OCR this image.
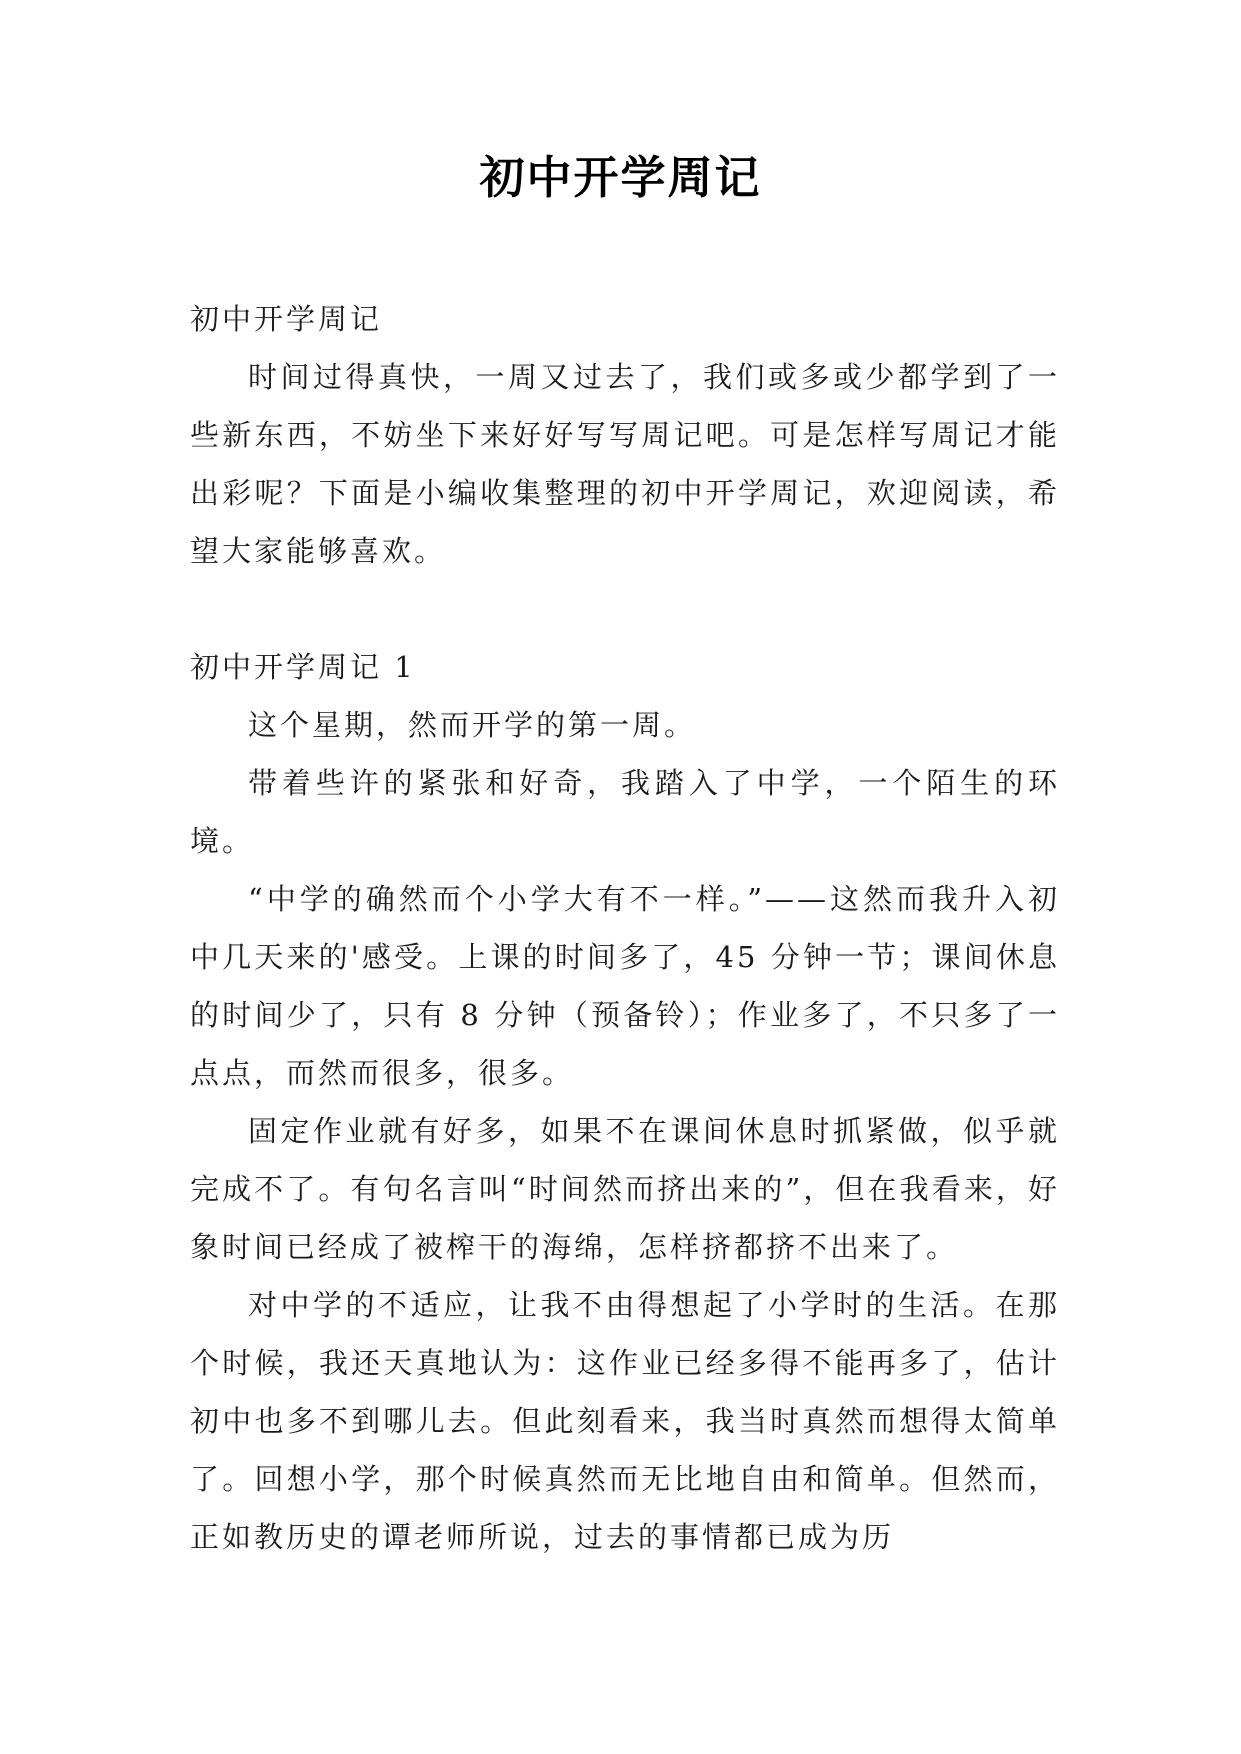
初中开学周记

初中开学周记

时间过得真快，一周又过去了，我们或多或少都学到了一些新东西，不妨坐下来好好写写周记吧。可是怎样写周记才能出彩呢？下面是小编收集整理的初中开学周记，欢迎阅读，希望大家能够喜欢。

初中开学周记 1

这个星期，然而开学的第一周。

带着些许的紧张和好奇，我踏入了中学，一个陌生的环境。

“中学的确然而个小学大有不一样。”——这然而我升入初中几天来的'感受。上课的时间多了，45 分钟一节；课间休息的时间少了，只有 8 分钟（预备铃）；作业多了，不只多了一点点，而然而很多，很多。

固定作业就有好多，如果不在课间休息时抓紧做，似乎就完成不了。有句名言叫“时间然而挤出来的”，但在我看来，好象时间已经成了被榨干的海绵，怎样挤都挤不出来了。

对中学的不适应，让我不由得想起了小学时的生活。在那个时候，我还天真地认为：这作业已经多得不能再多了，估计初中也多不到哪儿去。但此刻看来，我当时真然而想得太简单了。回想小学，那个时候真然而无比地自由和简单。但然而，正如教历史的谭老师所说，过去的事情都已成为历
